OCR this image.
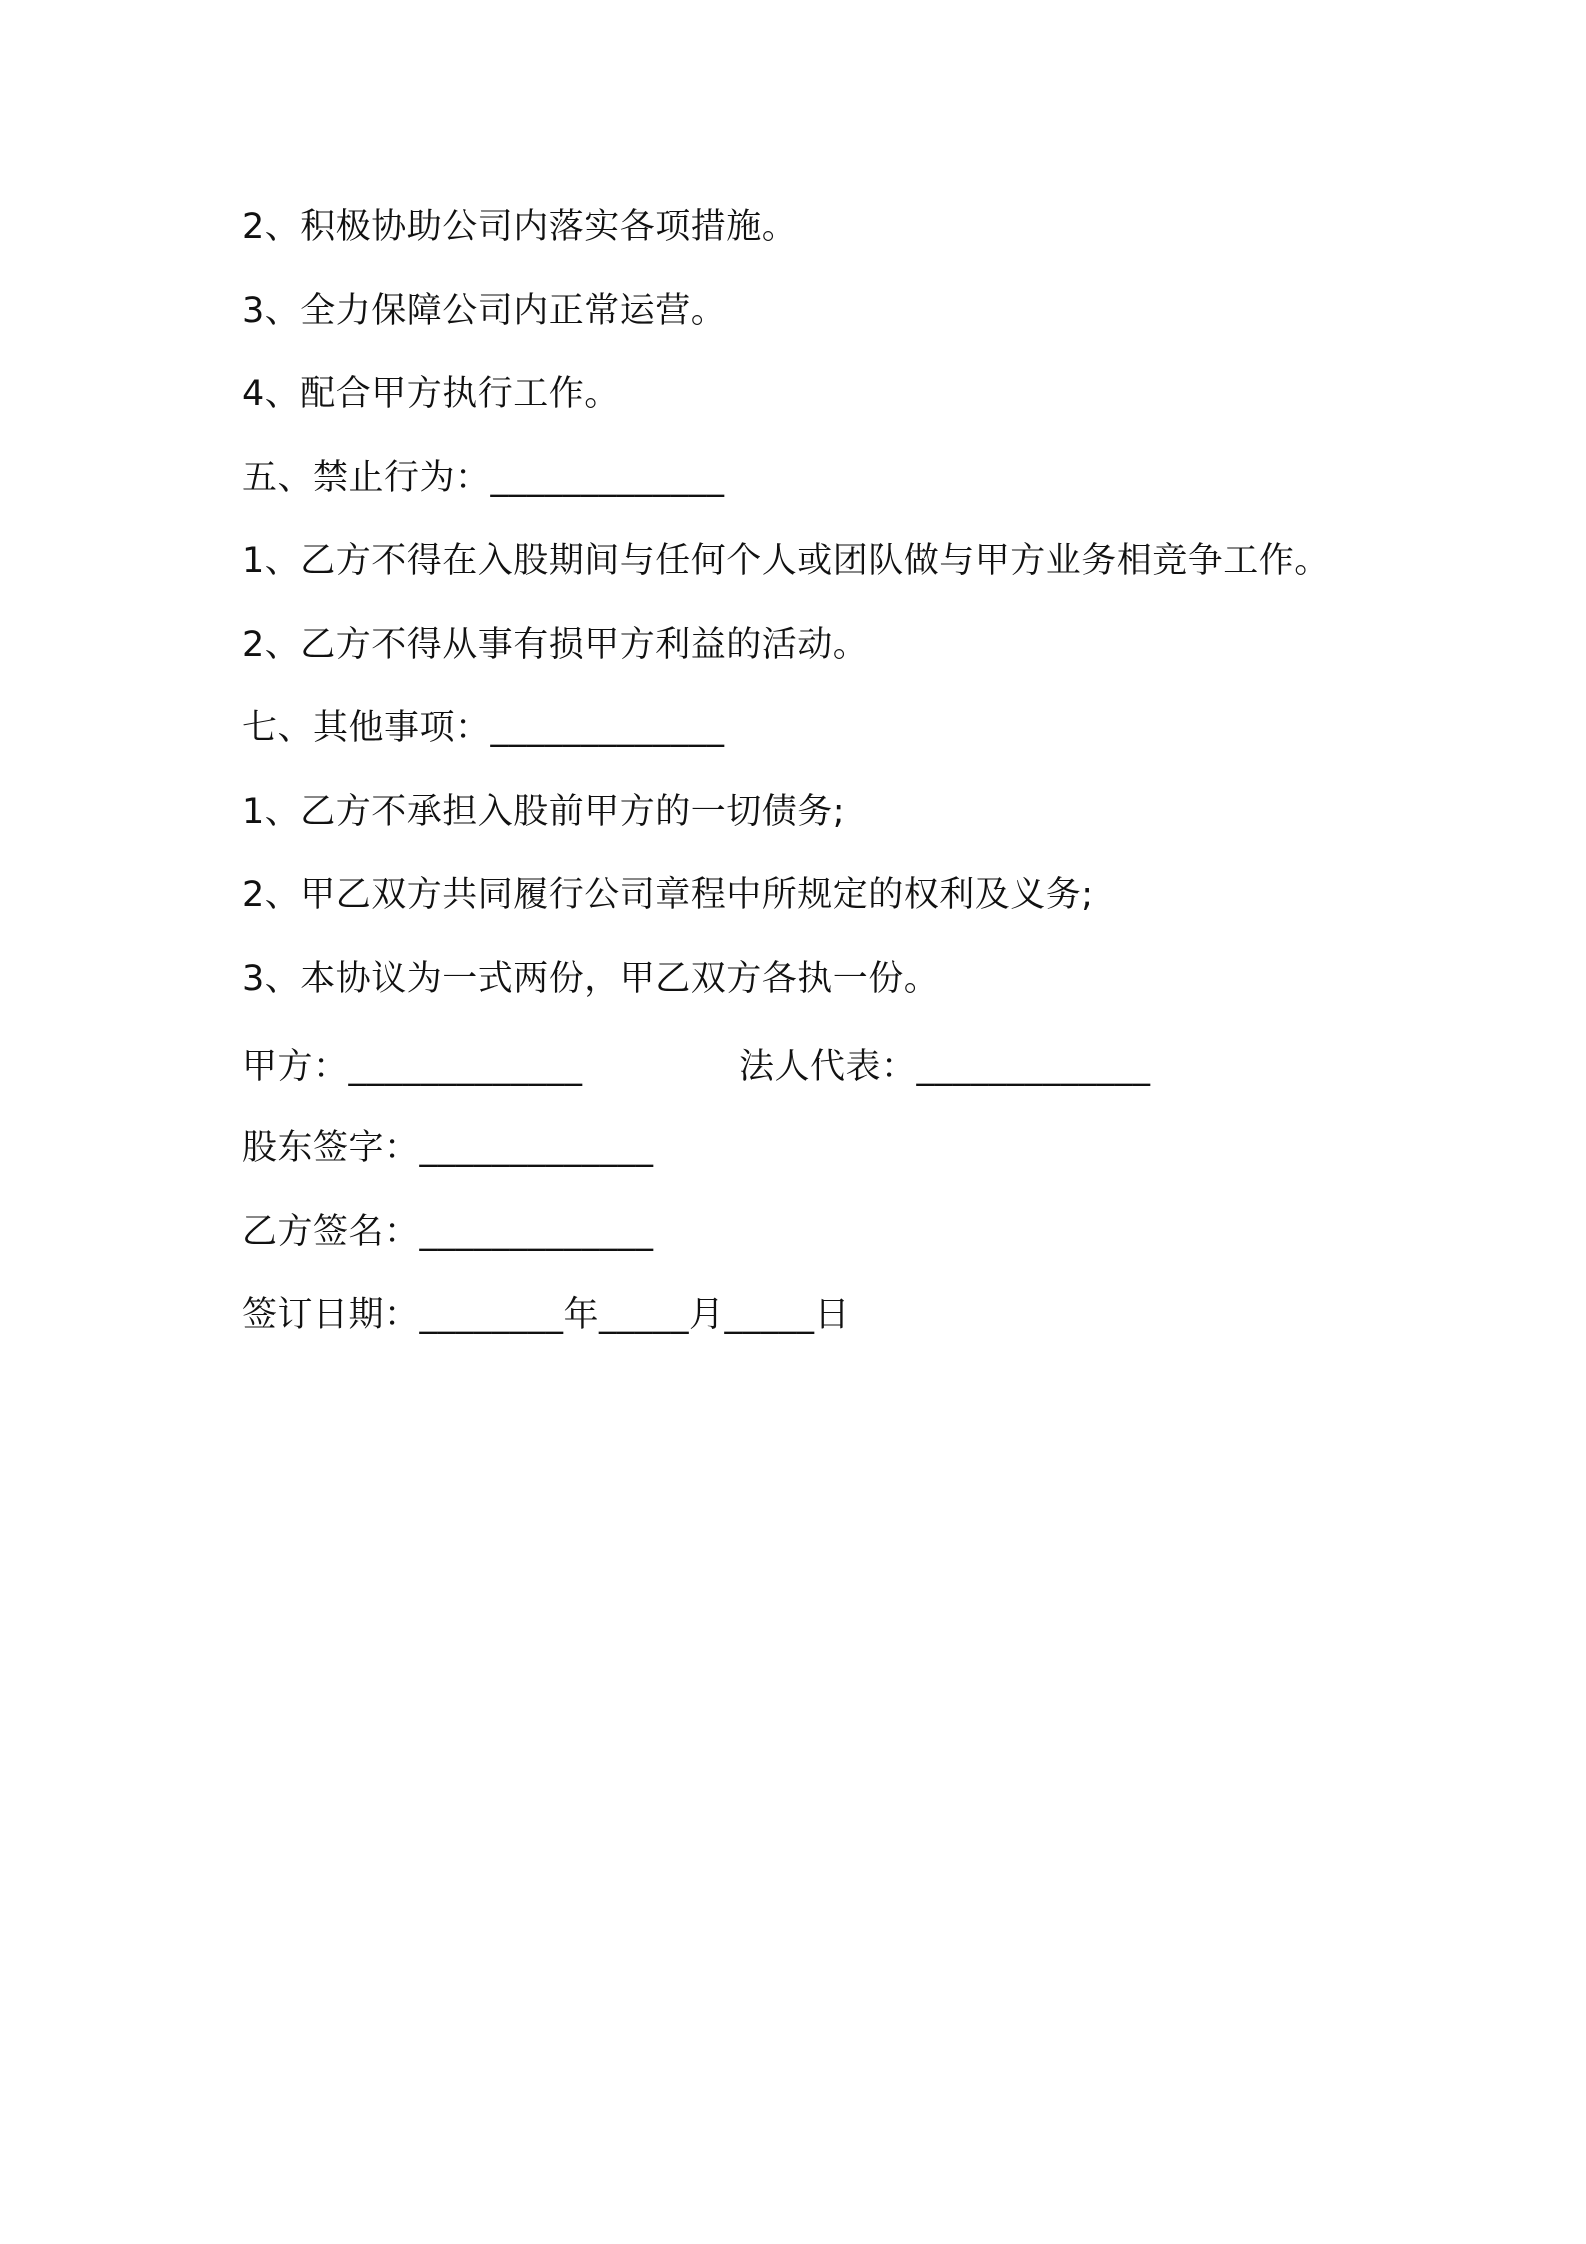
2、积极协助公司内落实各项措施。
3、全力保障公司内正常运营。
4、配合甲方执行工作。
五、禁止行为：_____________
1、乙方不得在入股期间与任何个人或团队做与甲方业务相竞争工作。
2、乙方不得从事有损甲方利益的活动。
七、其他事项：_____________
1、乙方不承担入股前甲方的一切债务;
2、甲乙双方共同履行公司章程中所规定的权利及义务;
3、本协议为一式两份，甲乙双方各执一份。
甲方：_____________	法人代表：_____________
股东签字：_____________
乙方签名：_____________
签订日期：________年_____月_____日
